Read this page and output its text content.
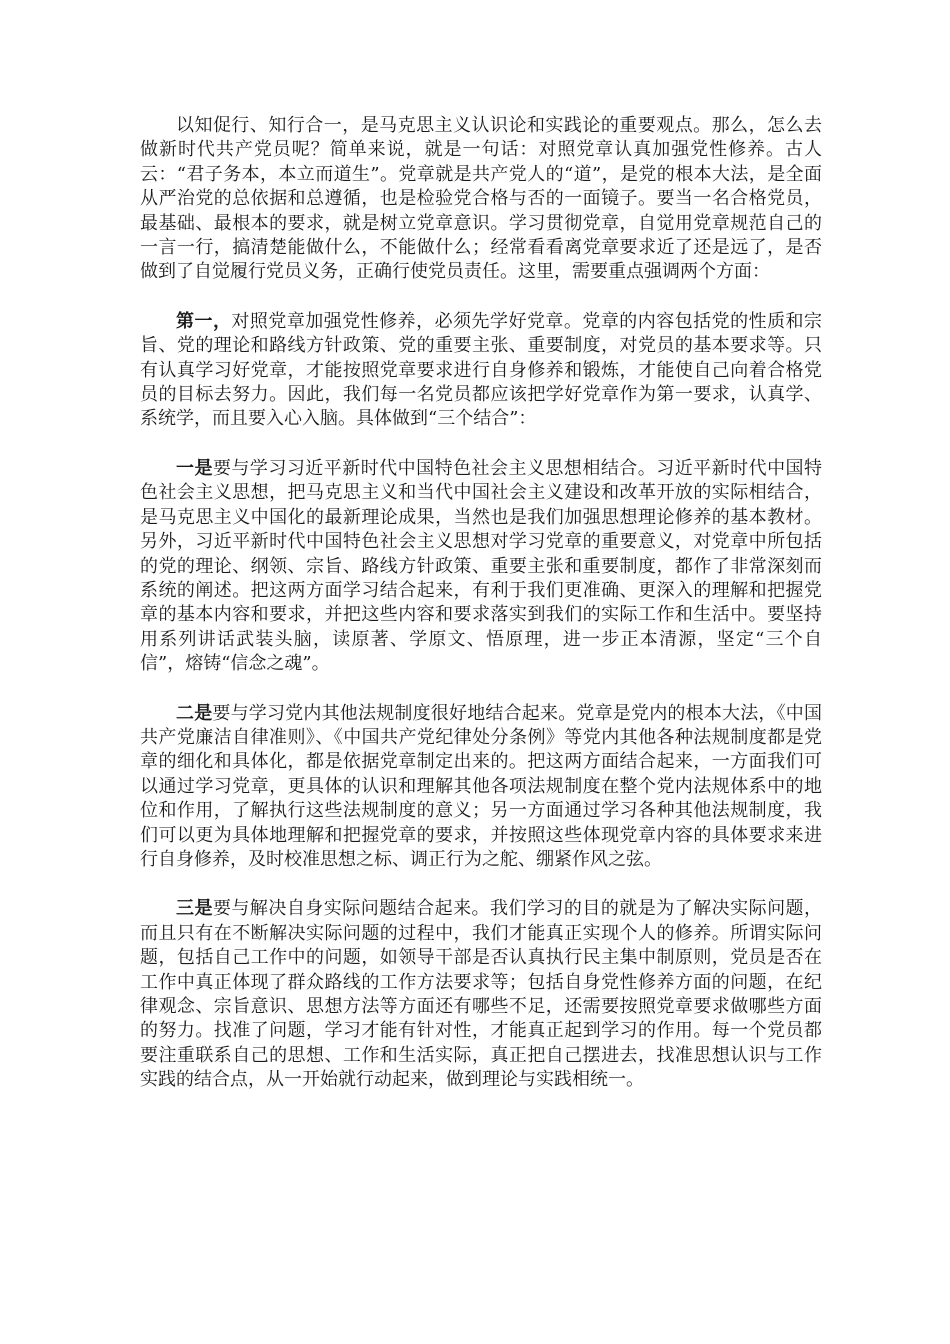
以知促行、知行合一，是马克思主义认识论和实践论的重要观点。那么，怎么去做新时代共产党员呢？简单来说，就是一句话：对照党章认真加强党性修养。古人云：“君子务本，本立而道生”。党章就是共产党人的“道”，是党的根本大法，是全面从严治党的总依据和总遵循，也是检验党合格与否的一面镜子。要当一名合格党员，最基础、最根本的要求，就是树立党章意识。学习贯彻党章，自觉用党章规范自己的一言一行，搞清楚能做什么，不能做什么；经常看看离党章要求近了还是远了，是否做到了自觉履行党员义务，正确行使党员责任。这里，需要重点强调两个方面：

第一，对照党章加强党性修养，必须先学好党章。党章的内容包括党的性质和宗旨、党的理论和路线方针政策、党的重要主张、重要制度，对党员的基本要求等。只有认真学习好党章，才能按照党章要求进行自身修养和锻炼，才能使自己向着合格党员的目标去努力。因此，我们每一名党员都应该把学好党章作为第一要求，认真学、系统学，而且要入心入脑。具体做到“三个结合”：

一是要与学习习近平新时代中国特色社会主义思想相结合。习近平新时代中国特色社会主义思想，把马克思主义和当代中国社会主义建设和改革开放的实际相结合，是马克思主义中国化的最新理论成果，当然也是我们加强思想理论修养的基本教材。另外，习近平新时代中国特色社会主义思想对学习党章的重要意义，对党章中所包括的党的理论、纲领、宗旨、路线方针政策、重要主张和重要制度，都作了非常深刻而系统的阐述。把这两方面学习结合起来，有利于我们更准确、更深入的理解和把握党章的基本内容和要求，并把这些内容和要求落实到我们的实际工作和生活中。要坚持用系列讲话武装头脑，读原著、学原文、悟原理，进一步正本清源，坚定“三个自信”，熔铸“信念之魂”。

二是要与学习党内其他法规制度很好地结合起来。党章是党内的根本大法，《中国共产党廉洁自律准则》、《中国共产党纪律处分条例》等党内其他各种法规制度都是党章的细化和具体化，都是依据党章制定出来的。把这两方面结合起来，一方面我们可以通过学习党章，更具体的认识和理解其他各项法规制度在整个党内法规体系中的地位和作用，了解执行这些法规制度的意义；另一方面通过学习各种其他法规制度，我们可以更为具体地理解和把握党章的要求，并按照这些体现党章内容的具体要求来进行自身修养，及时校准思想之标、调正行为之舵、绷紧作风之弦。

三是要与解决自身实际问题结合起来。我们学习的目的就是为了解决实际问题，而且只有在不断解决实际问题的过程中，我们才能真正实现个人的修养。所谓实际问题，包括自己工作中的问题，如领导干部是否认真执行民主集中制原则，党员是否在工作中真正体现了群众路线的工作方法要求等；包括自身党性修养方面的问题，在纪律观念、宗旨意识、思想方法等方面还有哪些不足，还需要按照党章要求做哪些方面的努力。找准了问题，学习才能有针对性，才能真正起到学习的作用。每一个党员都要注重联系自己的思想、工作和生活实际，真正把自己摆进去，找准思想认识与工作实践的结合点，从一开始就行动起来，做到理论与实践相统一。
